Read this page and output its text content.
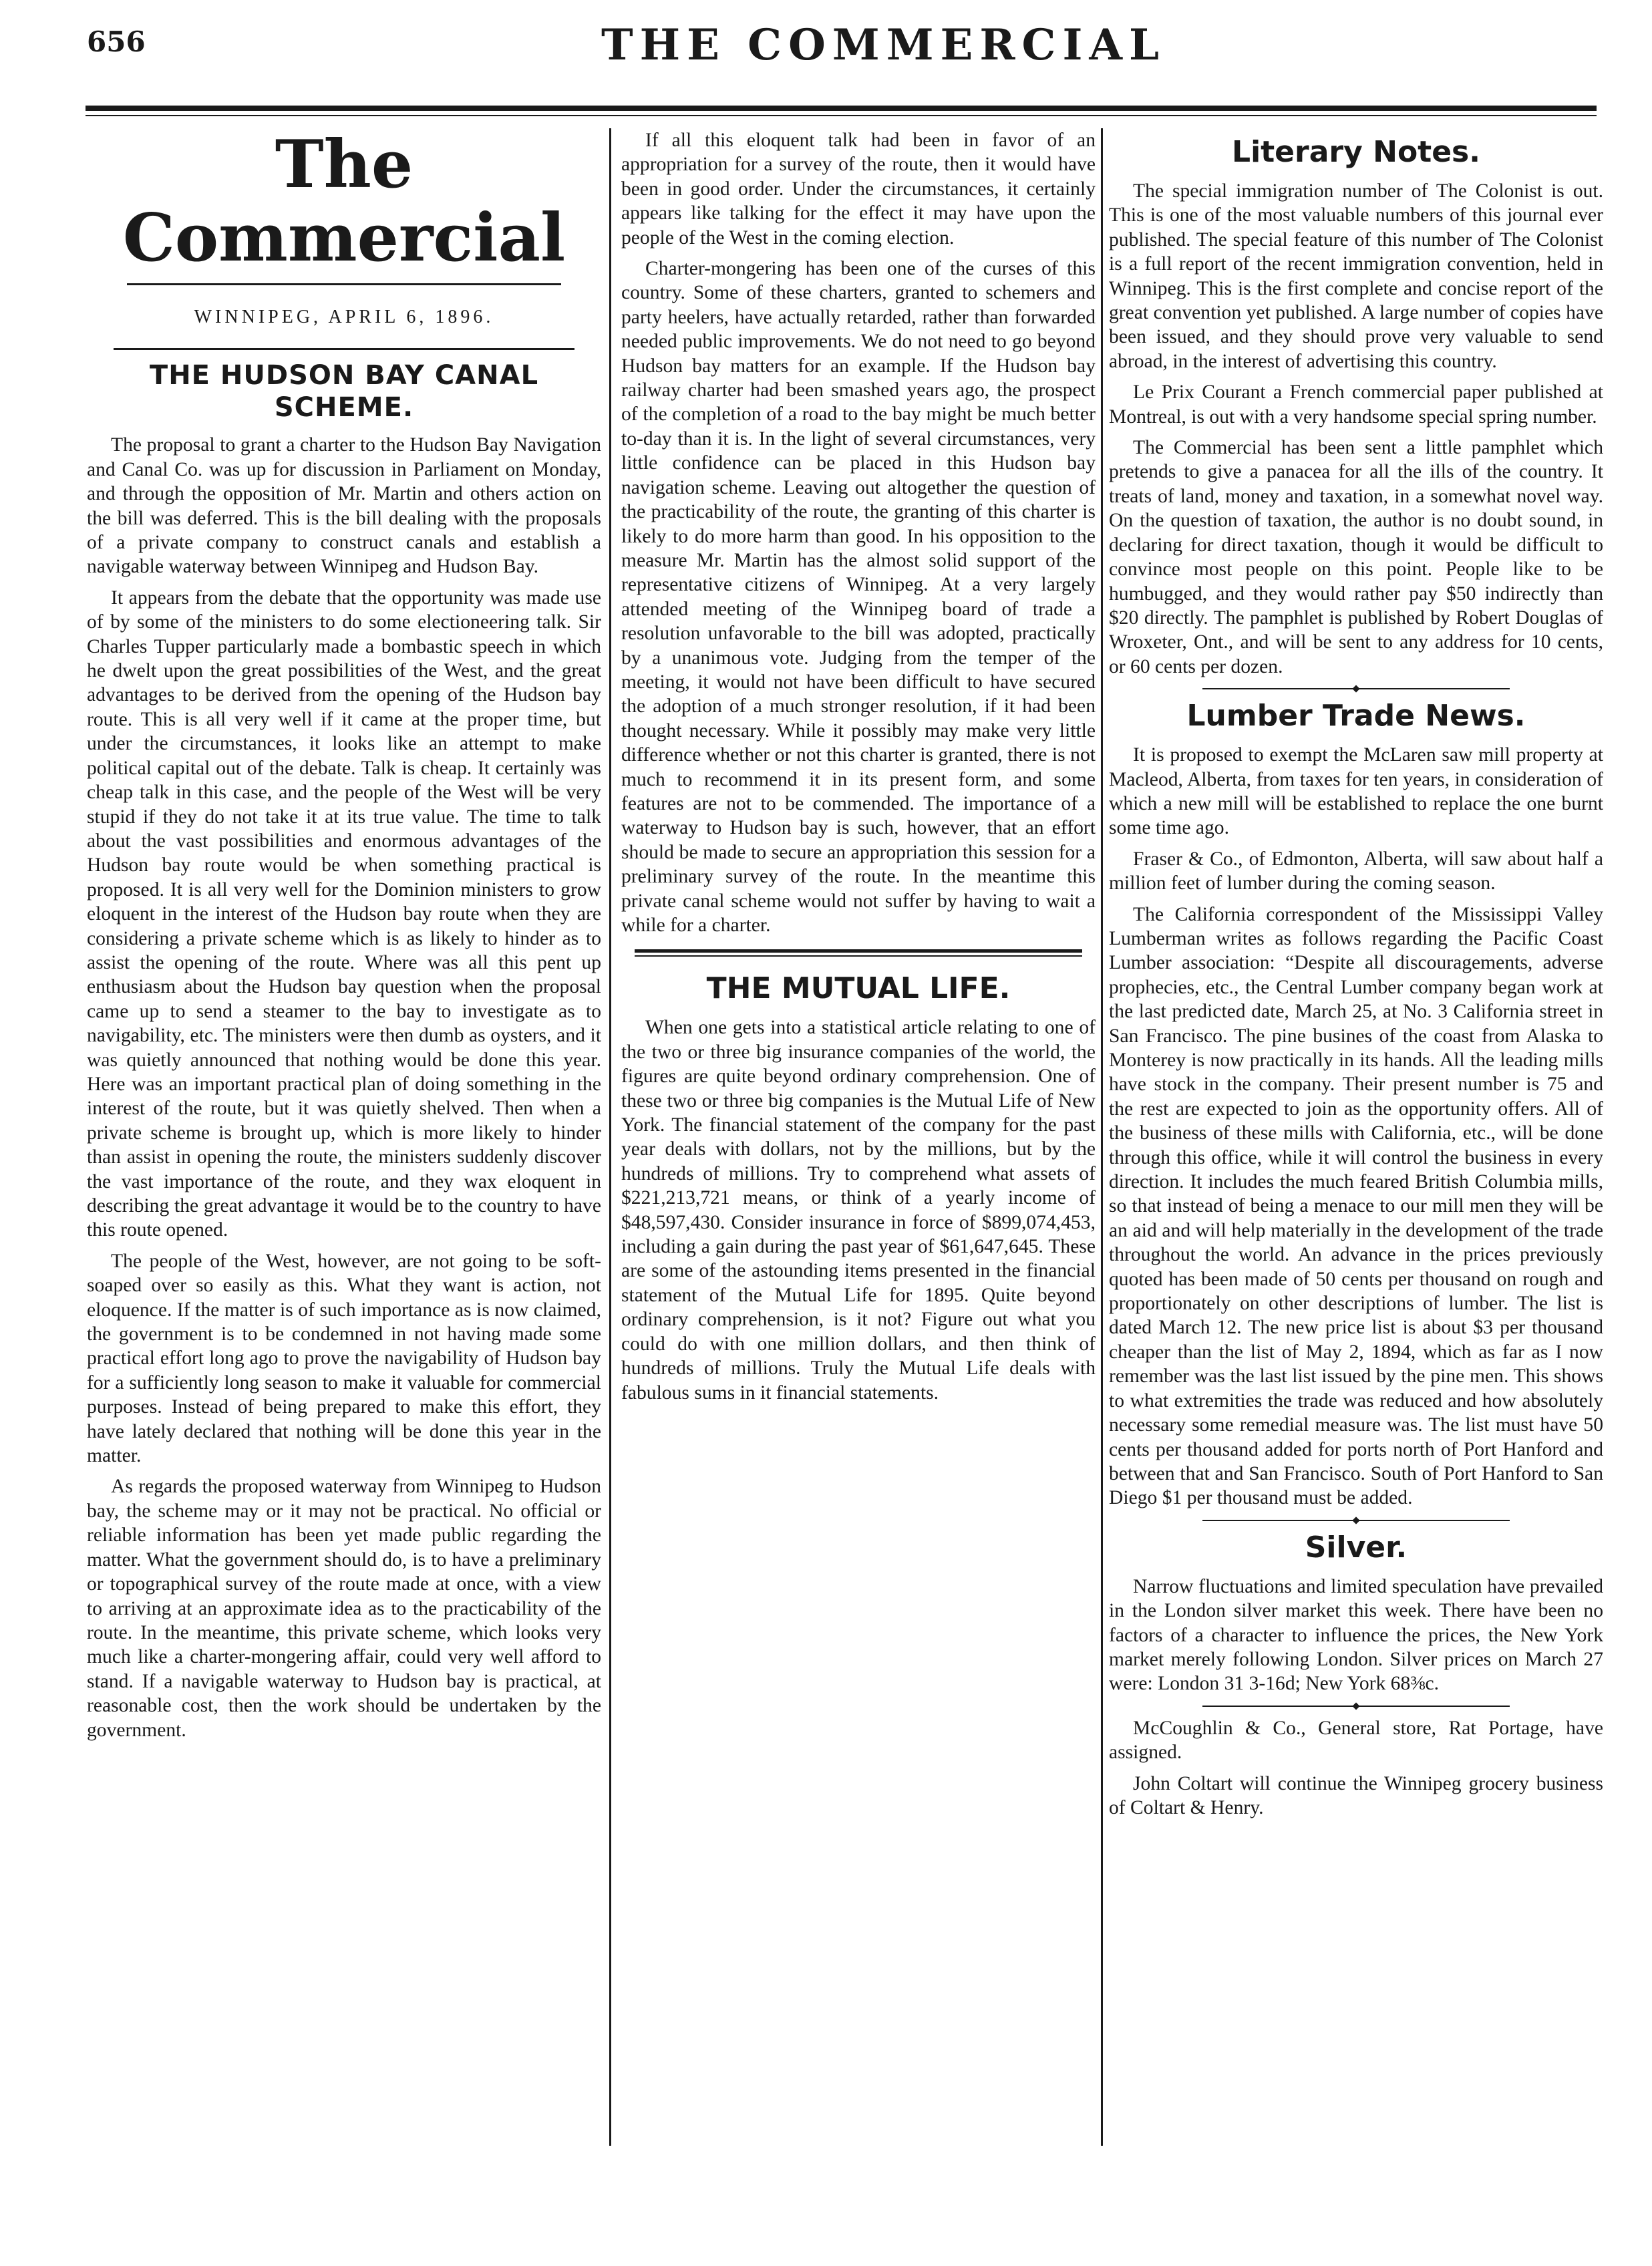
656	THE COMMERCIAL
The Commercial
WINNIPEG, APRIL 6, 1896.
THE HUDSON BAY CANAL SCHEME.

The proposal to grant a charter to the Hudson Bay Navigation and Canal Co. was up for discussion in Parliament on Monday, and through the opposition of Mr. Martin and others action on the bill was deferred. This is the bill dealing with the proposals of a private company to construct canals and establish a navigable waterway between Winnipeg and Hudson Bay.

It appears from the debate that the opportunity was made use of by some of the ministers to do some electioneering talk. Sir Charles Tupper particularly made a bombastic speech in which he dwelt upon the great possibilities of the West, and the great advantages to be derived from the opening of the Hudson bay route. This is all very well if it came at the proper time, but under the circumstances, it looks like an attempt to make political capital out of the debate. Talk is cheap. It certainly was cheap talk in this case, and the people of the West will be very stupid if they do not take it at its true value. The time to talk about the vast possibilities and enormous advantages of the Hudson bay route would be when something practical is proposed. It is all very well for the Dominion ministers to grow eloquent in the interest of the Hudson bay route when they are considering a private scheme which is as likely to hinder as to assist the opening of the route. Where was all this pent up enthusiasm about the Hudson bay question when the proposal came up to send a steamer to the bay to investigate as to navigability, etc. The ministers were then dumb as oysters, and it was quietly announced that nothing would be done this year. Here was an important practical plan of doing something in the interest of the route, but it was quietly shelved. Then when a private scheme is brought up, which is more likely to hinder than assist in opening the route, the ministers suddenly discover the vast importance of the route, and they wax eloquent in describing the great advantage it would be to the country to have this route opened.

The people of the West, however, are not going to be soft-soaped over so easily as this. What they want is action, not eloquence. If the matter is of such importance as is now claimed, the government is to be condemned in not having made some practical effort long ago to prove the navigability of Hudson bay for a sufficiently long season to make it valuable for commercial purposes. Instead of being prepared to make this effort, they have lately declared that nothing will be done this year in the matter.

As regards the proposed waterway from Winnipeg to Hudson bay, the scheme may or it may not be practical. No official or reliable information has been yet made public regarding the matter. What the government should do, is to have a preliminary or topographical survey of the route made at once, with a view to arriving at an approximate idea as to the practicability of the route. In the meantime, this private scheme, which looks very much like a charter-mongering affair, could very well afford to stand. If a navigable waterway to Hudson bay is practical, at reasonable cost, then the work should be undertaken by the government.

If all this eloquent talk had been in favor of an appropriation for a survey of the route, then it would have been in good order. Under the circumstances, it certainly appears like talking for the effect it may have upon the people of the West in the coming election.

Charter-mongering has been one of the curses of this country. Some of these charters, granted to schemers and party heelers, have actually retarded, rather than forwarded needed public improvements. We do not need to go beyond Hudson bay matters for an example. If the Hudson bay railway charter had been smashed years ago, the prospect of the completion of a road to the bay might be much better to-day than it is. In the light of several circumstances, very little confidence can be placed in this Hudson bay navigation scheme. Leaving out altogether the question of the practicability of the route, the granting of this charter is likely to do more harm than good. In his opposition to the measure Mr. Martin has the almost solid support of the representative citizens of Winnipeg. At a very largely attended meeting of the Winnipeg board of trade a resolution unfavorable to the bill was adopted, practically by a unanimous vote. Judging from the temper of the meeting, it would not have been difficult to have secured the adoption of a much stronger resolution, if it had been thought necessary. While it possibly may make very little difference whether or not this charter is granted, there is not much to recommend it in its present form, and some features are not to be commended. The importance of a waterway to Hudson bay is such, however, that an effort should be made to secure an appropriation this session for a preliminary survey of the route. In the meantime this private canal scheme would not suffer by having to wait a while for a charter.

THE MUTUAL LIFE.

When one gets into a statistical article relating to one of the two or three big insurance companies of the world, the figures are quite beyond ordinary comprehension. One of these two or three big companies is the Mutual Life of New York. The financial statement of the company for the past year deals with dollars, not by the millions, but by the hundreds of millions. Try to comprehend what assets of $221,213,721 means, or think of a yearly income of $48,597,430. Consider insurance in force of $899,074,453, including a gain during the past year of $61,647,645. These are some of the astounding items presented in the financial statement of the Mutual Life for 1895. Quite beyond ordinary comprehension, is it not? Figure out what you could do with one million dollars, and then think of hundreds of millions. Truly the Mutual Life deals with fabulous sums in it financial statements.

Literary Notes.

The special immigration number of The Colonist is out. This is one of the most valuable numbers of this journal ever published. The special feature of this number of The Colonist is a full report of the recent immigration convention, held in Winnipeg. This is the first complete and concise report of the great convention yet published. A large number of copies have been issued, and they should prove very valuable to send abroad, in the interest of advertising this country.

Le Prix Courant a French commercial paper published at Montreal, is out with a very handsome special spring number.

The Commercial has been sent a little pamphlet which pretends to give a panacea for all the ills of the country. It treats of land, money and taxation, in a somewhat novel way. On the question of taxation, the author is no doubt sound, in declaring for direct taxation, though it would be difficult to convince most people on this point. People like to be humbugged, and they would rather pay $50 indirectly than $20 directly. The pamphlet is published by Robert Douglas of Wroxeter, Ont., and will be sent to any address for 10 cents, or 60 cents per dozen.

Lumber Trade News.

It is proposed to exempt the McLaren saw mill property at Macleod, Alberta, from taxes for ten years, in consideration of which a new mill will be established to replace the one burnt some time ago.

Fraser & Co., of Edmonton, Alberta, will saw about half a million feet of lumber during the coming season.

The California correspondent of the Mississippi Valley Lumberman writes as follows regarding the Pacific Coast Lumber association: “Despite all discouragements, adverse prophecies, etc., the Central Lumber company began work at the last predicted date, March 25, at No. 3 California street in San Francisco. The pine busines of the coast from Alaska to Monterey is now practically in its hands. All the leading mills have stock in the company. Their present number is 75 and the rest are expected to join as the opportunity offers. All of the business of these mills with California, etc., will be done through this office, while it will control the business in every direction. It includes the much feared British Columbia mills, so that instead of being a menace to our mill men they will be an aid and will help materially in the development of the trade throughout the world. An advance in the prices previously quoted has been made of 50 cents per thousand on rough and proportionately on other descriptions of lumber. The list is dated March 12. The new price list is about $3 per thousand cheaper than the list of May 2, 1894, which as far as I now remember was the last list issued by the pine men. This shows to what extremities the trade was reduced and how absolutely necessary some remedial measure was. The list must have 50 cents per thousand added for ports north of Port Hanford and between that and San Francisco. South of Port Hanford to San Diego $1 per thousand must be added.

Silver.

Narrow fluctuations and limited speculation have prevailed in the London silver market this week. There have been no factors of a character to influence the prices, the New York market merely following London. Silver prices on March 27 were: London 31 3-16d; New York 68⅜c.

McCoughlin & Co., General store, Rat Portage, have assigned.

John Coltart will continue the Winnipeg grocery business of Coltart & Henry.
